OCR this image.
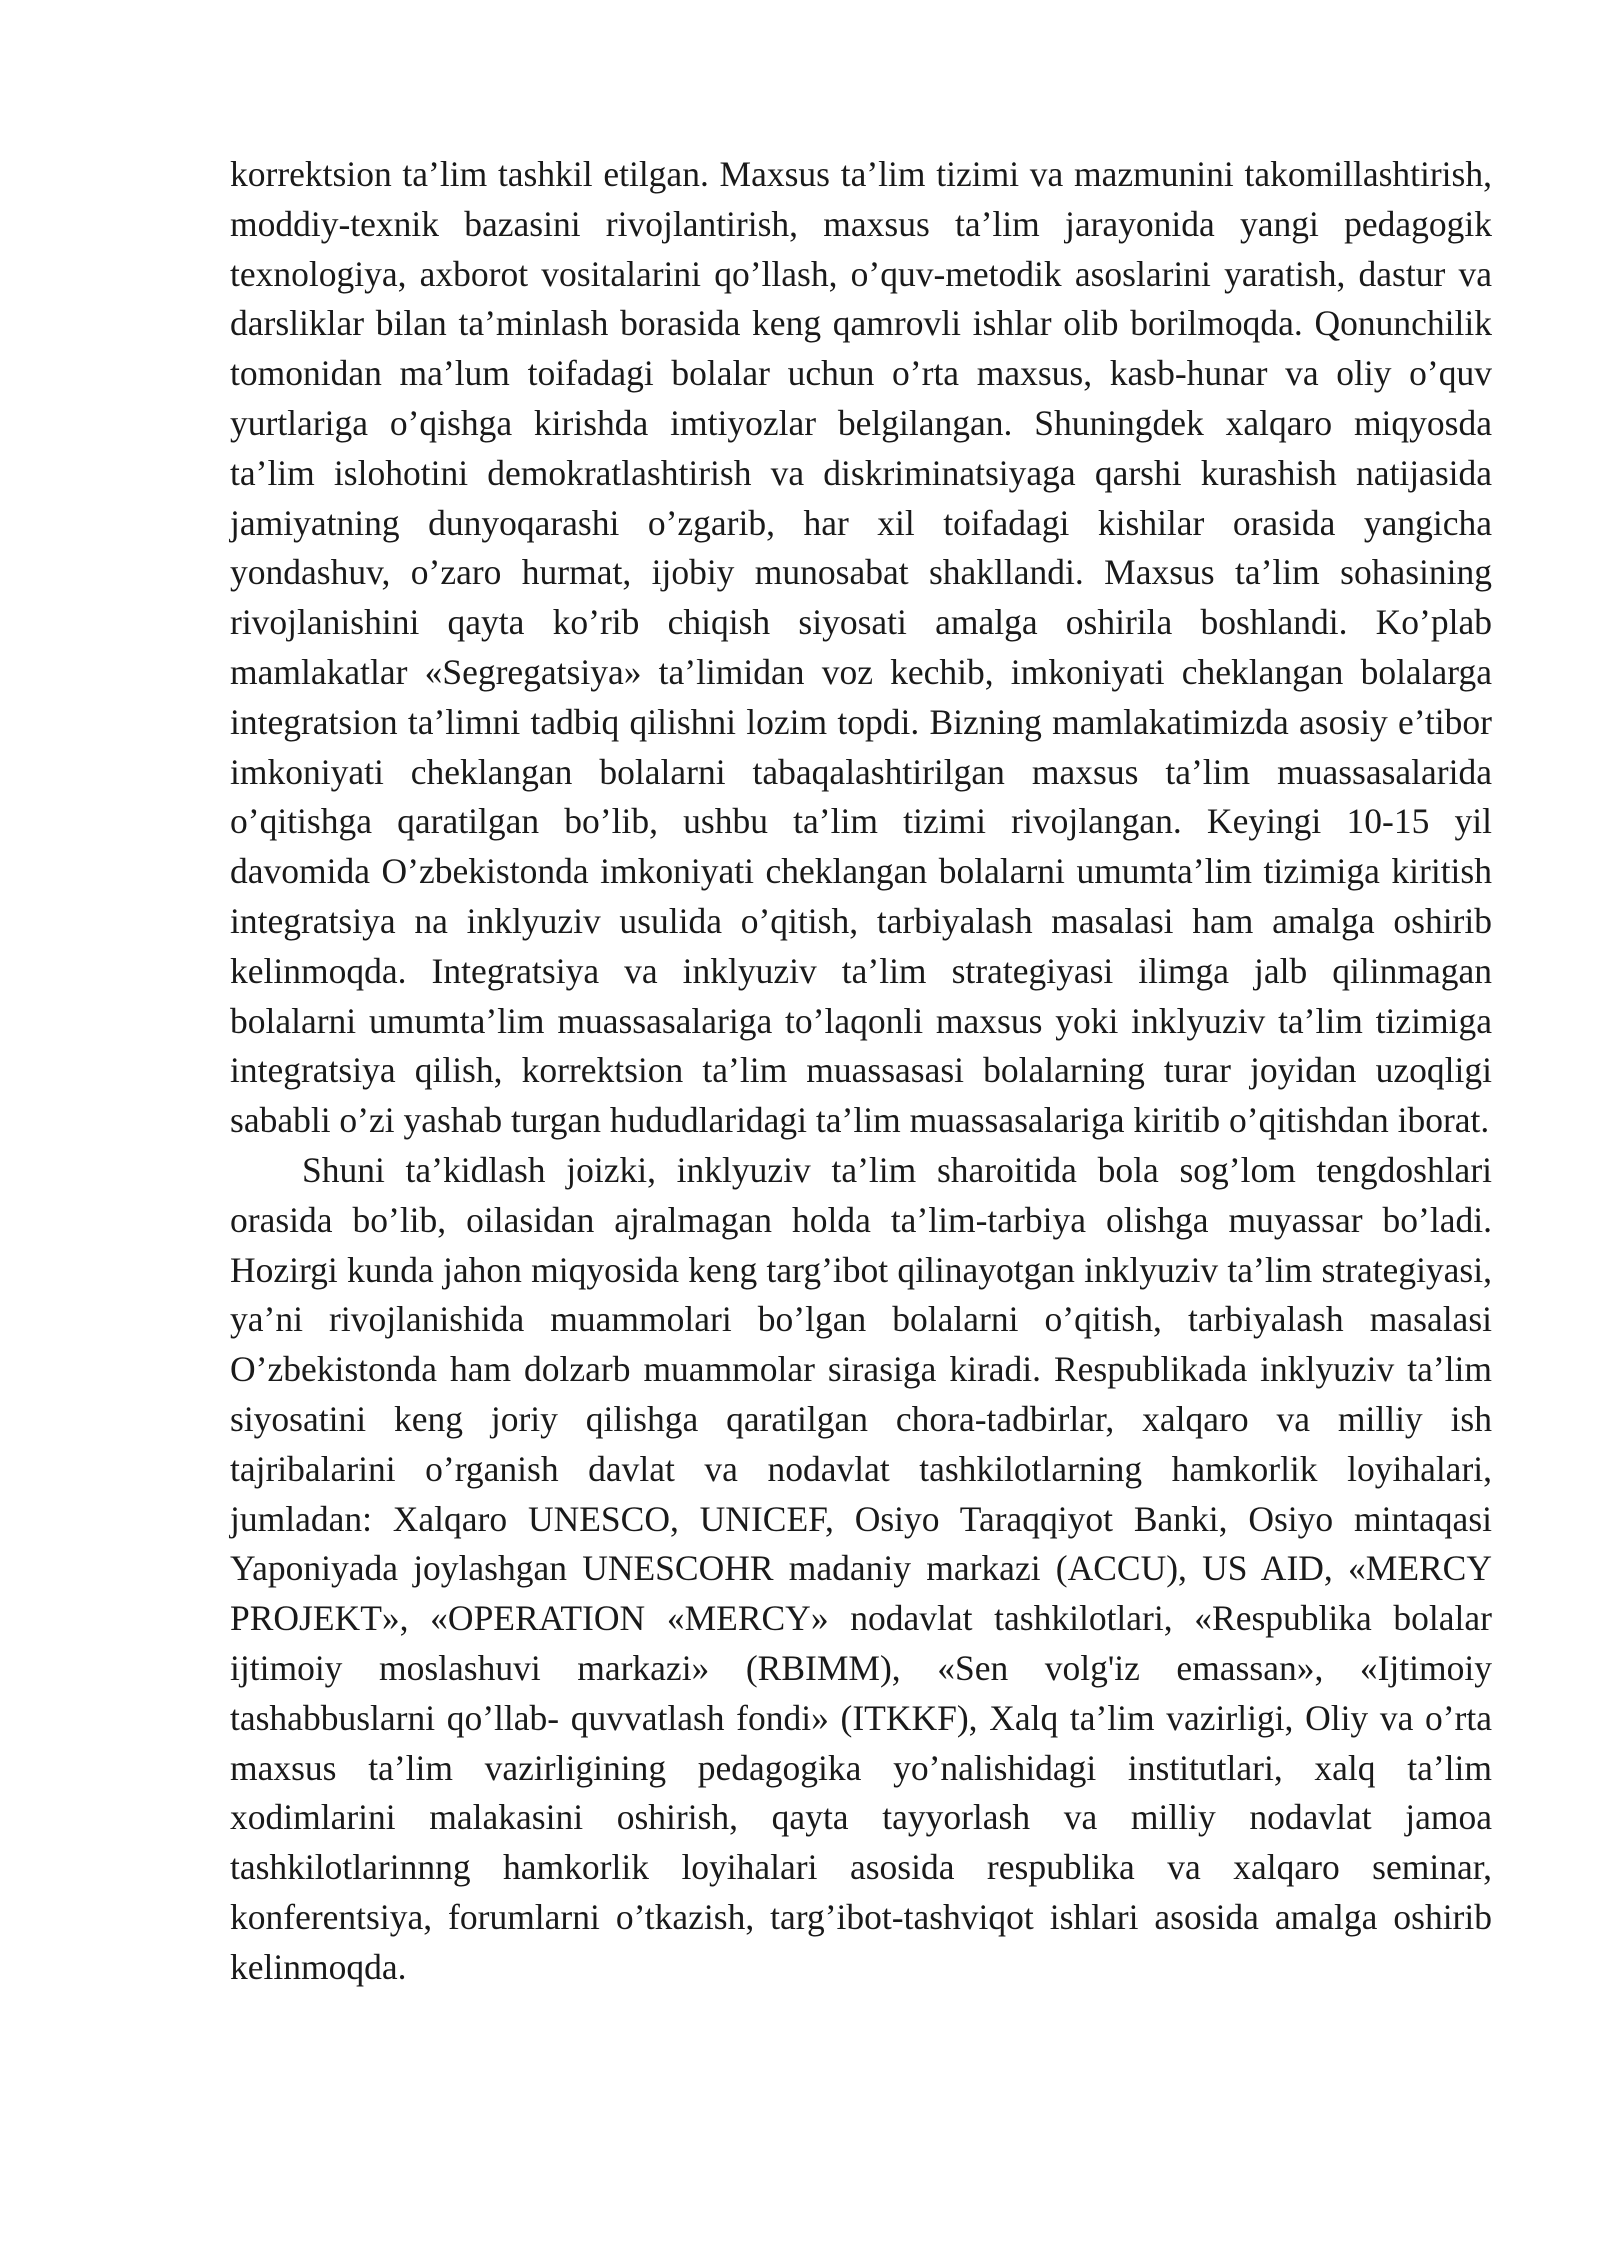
korrektsion ta’lim tashkil etilgan. Maxsus ta’lim tizimi va mazmunini takomillashtirish, moddiy-texnik bazasini rivojlantirish, maxsus ta’lim jarayonida yangi pedagogik texnologiya, axborot vositalarini qo’llash, o’quv-metodik asoslarini yaratish, dastur va darsliklar bilan ta’minlash borasida keng qamrovli ishlar olib borilmoqda. Qonunchilik tomonidan ma’lum toifadagi bolalar uchun o’rta maxsus, kasb-hunar va oliy o’quv yurtlariga o’qishga kirishda imtiyozlar belgilangan. Shuningdek xalqaro miqyosda ta’lim islohotini demokratlashtirish va diskriminatsiyaga qarshi kurashish natijasida jamiyatning dunyoqarashi o’zgarib, har xil toifadagi kishilar orasida yangicha yondashuv, o’zaro hurmat, ijobiy munosabat shakllandi. Maxsus ta’lim sohasining rivojlanishini qayta ko’rib chiqish siyosati amalga oshirila boshlandi. Ko’plab mamlakatlar «Segregatsiya» ta’limidan voz kechib, imkoniyati cheklangan bolalarga integratsion ta’limni tadbiq qilishni lozim topdi. Bizning mamlakatimizda asosiy e’tibor imkoniyati cheklangan bolalarni tabaqalashtirilgan maxsus ta’lim muassasalarida o’qitishga qaratilgan bo’lib, ushbu ta’lim tizimi rivojlangan. Keyingi 10-15 yil davomida O’zbekistonda imkoniyati cheklangan bolalarni umumta’lim tizimiga kiritish integratsiya na inklyuziv usulida o’qitish, tarbiyalash masalasi ham amalga oshirib kelinmoqda. Integratsiya va inklyuziv ta’lim strategiyasi ilimga jalb qilinmagan bolalarni umumta’lim muassasalariga to’laqonli maxsus yoki inklyuziv ta’lim tizimiga integratsiya qilish, korrektsion ta’lim muassasasi bolalarning turar joyidan uzoqligi sababli o’zi yashab turgan hududlaridagi ta’lim muassasalariga kiritib o’qitishdan iborat.

Shuni ta’kidlash joizki, inklyuziv ta’lim sharoitida bola sog’lom tengdoshlari orasida bo’lib, oilasidan ajralmagan holda ta’lim-tarbiya olishga muyassar bo’ladi. Hozirgi kunda jahon miqyosida keng targ’ibot qilinayotgan inklyuziv ta’lim strategiyasi, ya’ni rivojlanishida muammolari bo’lgan bolalarni o’qitish, tarbiyalash masalasi O’zbekistonda ham dolzarb muammolar sirasiga kiradi. Respublikada inklyuziv ta’lim siyosatini keng joriy qilishga qaratilgan chora-tadbirlar, xalqaro va milliy ish tajribalarini o’rganish davlat va nodavlat tashkilotlarning hamkorlik loyihalari, jumladan: Xalqaro UNESCO, UNICEF, Osiyo Taraqqiyot Banki, Osiyo mintaqasi Yaponiyada joylashgan UNESCOHR madaniy markazi (ACCU), US AID, «MERCY PROJEKT», «OPERATION «MERCY» nodavlat tashkilotlari, «Respublika bolalar ijtimoiy moslashuvi markazi» (RBIMM), «Sen volg'iz emassan», «Ijtimoiy tashabbuslarni qo’llab- quvvatlash fondi» (ITKKF), Xalq ta’lim vazirligi, Oliy va o’rta maxsus ta’lim vazirligining pedagogika yo’nalishidagi institutlari, xalq ta’lim xodimlarini malakasini oshirish, qayta tayyorlash va milliy nodavlat jamoa tashkilotlarinnng hamkorlik loyihalari asosida respublika va xalqaro seminar, konferentsiya, forumlarni o’tkazish, targ’ibot-tashviqot ishlari asosida amalga oshirib kelinmoqda.
